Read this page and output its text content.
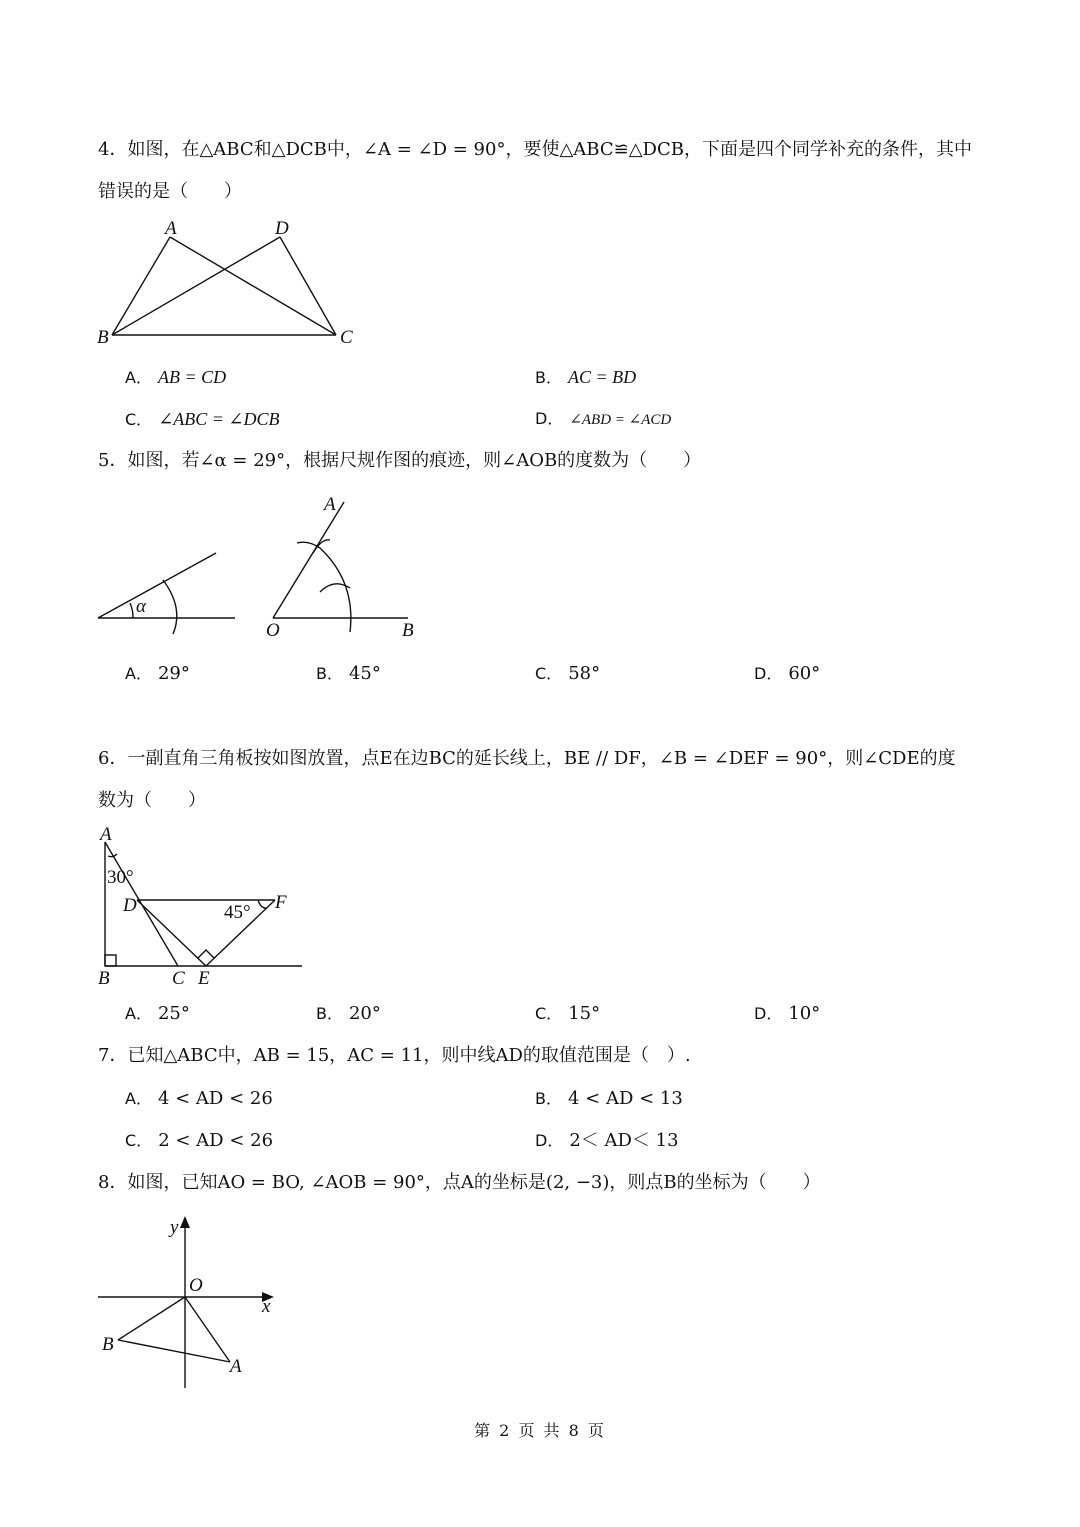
4．如图，在△ABC和△DCB中，∠A = ∠D = 90°，要使△ABC≌△DCB，下面是四个同学补充的条件，其中
错误的是（　　）
A	D
B	C
A． AB = CD	B． AC = BD
C． ∠ABC = ∠DCB	D． ∠ABD = ∠ACD
5．如图，若∠α = 29°，根据尺规作图的痕迹，则∠AOB的度数为（　　）
α
A
O	B
A． 29°	B． 45°	C． 58°	D． 60°
6．一副直角三角板按如图放置，点E在边BC的延长线上，BE // DF，∠B = ∠DEF = 90°，则∠CDE的度
数为（　　）
A
30°
D	45° F
B	C E
A． 25°	B． 20°	C． 15°	D． 10°
7．已知△ABC中，AB = 15，AC = 11，则中线AD的取值范围是（　）.
A． 4 < AD < 26	B． 4 < AD < 13
C． 2 < AD < 26	D． 2＜ AD＜ 13
8．如图，已知AO = BO, ∠AOB = 90°，点A的坐标是(2, −3)，则点B的坐标为（　　）
y
O
x
B
A
第 2 页 共 8 页
